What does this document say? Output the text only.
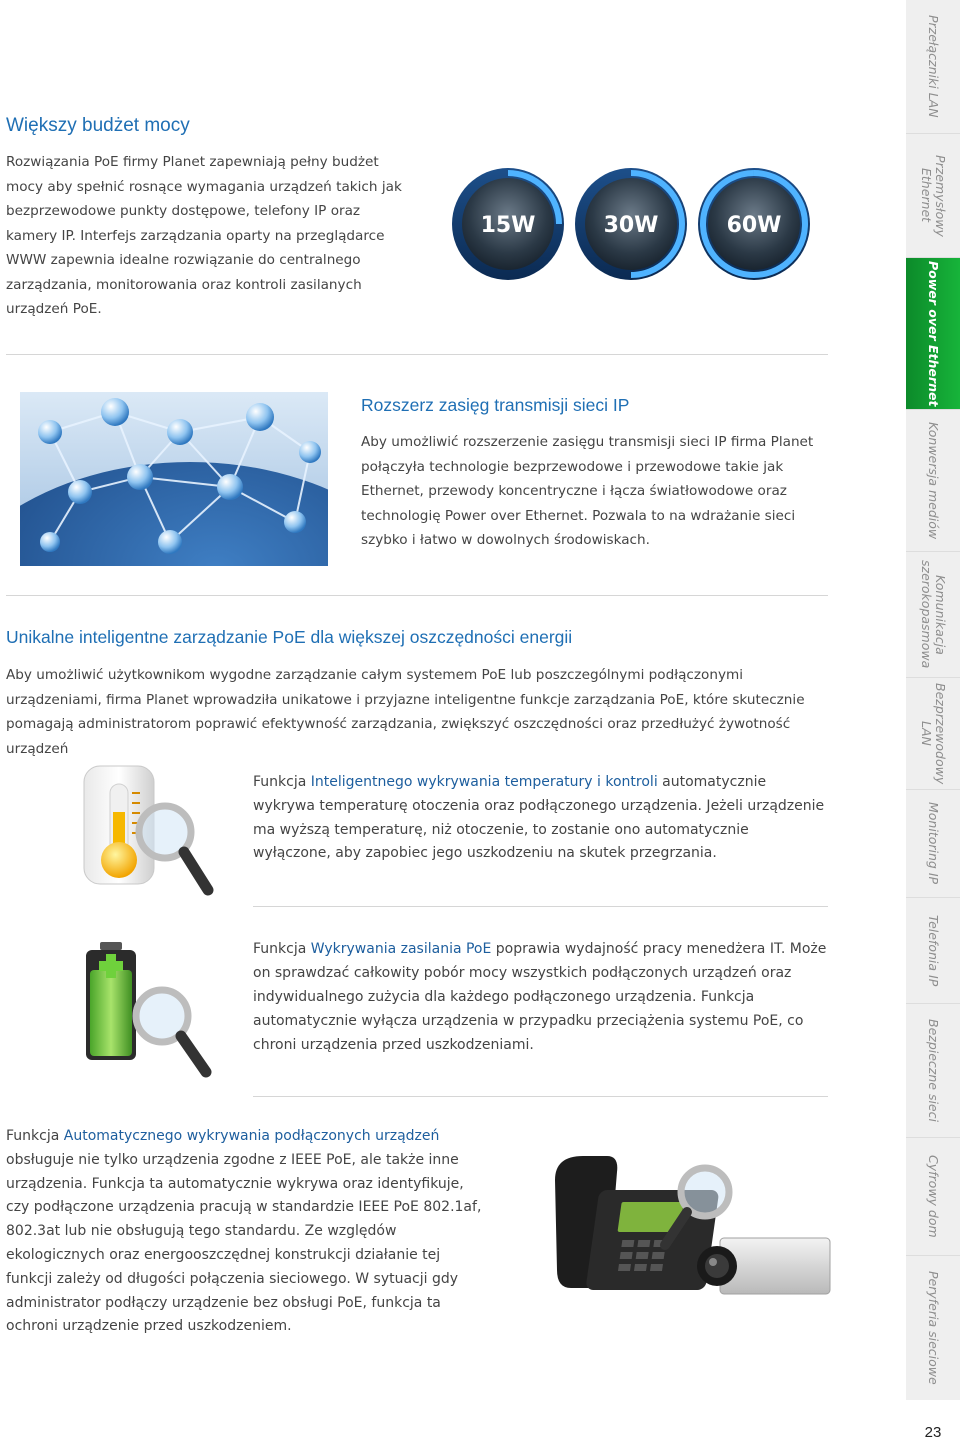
Większy budżet mocy

Rozwiązania PoE firmy Planet zapewniają pełny budżet mocy aby spełnić rosnące wymagania urządzeń takich jak bezprzewodowe punkty dostępowe, telefony IP oraz kamery IP. Interfejs zarządzania oparty na przeglądarce WWW zapewnia idealne rozwiązanie do centralnego zarządzania, monitorowania oraz kontroli zasilanych urządzeń PoE.

15W	30W	60W
Rozszerz zasięg transmisji sieci IP

Aby umożliwić rozszerzenie zasięgu transmisji sieci IP firma Planet połączyła technologie bezprzewodowe i przewodowe takie jak Ethernet, przewody koncentryczne i łącza światłowodowe oraz technologię Power over Ethernet. Pozwala to na wdrażanie sieci szybko i łatwo w dowolnych środowiskach.

Unikalne inteligentne zarządzanie PoE dla większej oszczędności energii

Aby umożliwić użytkownikom wygodne zarządzanie całym systemem PoE lub poszczególnymi podłączonymi urządzeniami, firma Planet wprowadziła unikatowe i przyjazne inteligentne funkcje zarządzania PoE, które skutecznie pomagają administratorom poprawić efektywność zarządzania, zwiększyć oszczędności oraz przedłużyć żywotność urządzeń

Funkcja Inteligentnego wykrywania temperatury i kontroli automatycznie wykrywa temperaturę otoczenia oraz podłączonego urządzenia. Jeżeli urządzenie ma wyższą temperaturę, niż otoczenie, to zostanie ono automatycznie wyłączone, aby zapobiec jego uszkodzeniu na skutek przegrzania.

Funkcja Wykrywania zasilania PoE poprawia wydajność pracy menedżera IT. Może on sprawdzać całkowity pobór mocy wszystkich podłączonych urządzeń oraz indywidualnego zużycia dla każdego podłączonego urządzenia. Funkcja automatycznie wyłącza urządzenia w przypadku przeciążenia systemu PoE, co chroni urządzenia przed uszkodzeniami.

Funkcja Automatycznego wykrywania podłączonych urządzeń obsługuje nie tylko urządzenia zgodne z IEEE PoE, ale także inne urządzenia. Funkcja ta automatycznie wykrywa oraz identyfikuje, czy podłączone urządzenia pracują w standardzie IEEE PoE 802.1af, 802.3at lub nie obsługują tego standardu. Ze względów ekologicznych oraz energooszczędnej konstrukcji działanie tej funkcji zależy od długości połączenia sieciowego. W sytuacji gdy administrator podłączy urządzenie bez obsługi PoE, funkcja ta ochroni urządzenie przed uszkodzeniem.

Przełączniki LAN
Przemysłowy
Ethernet
Power over Ethernet
Konwersja mediów
Komunikacja
szerokopasmowa
Bezprzewodowy
LAN
Monitoring IP
Telefonia IP
Bezpieczne sieci
Cyfrowy dom
Peryferia sieciowe
23
